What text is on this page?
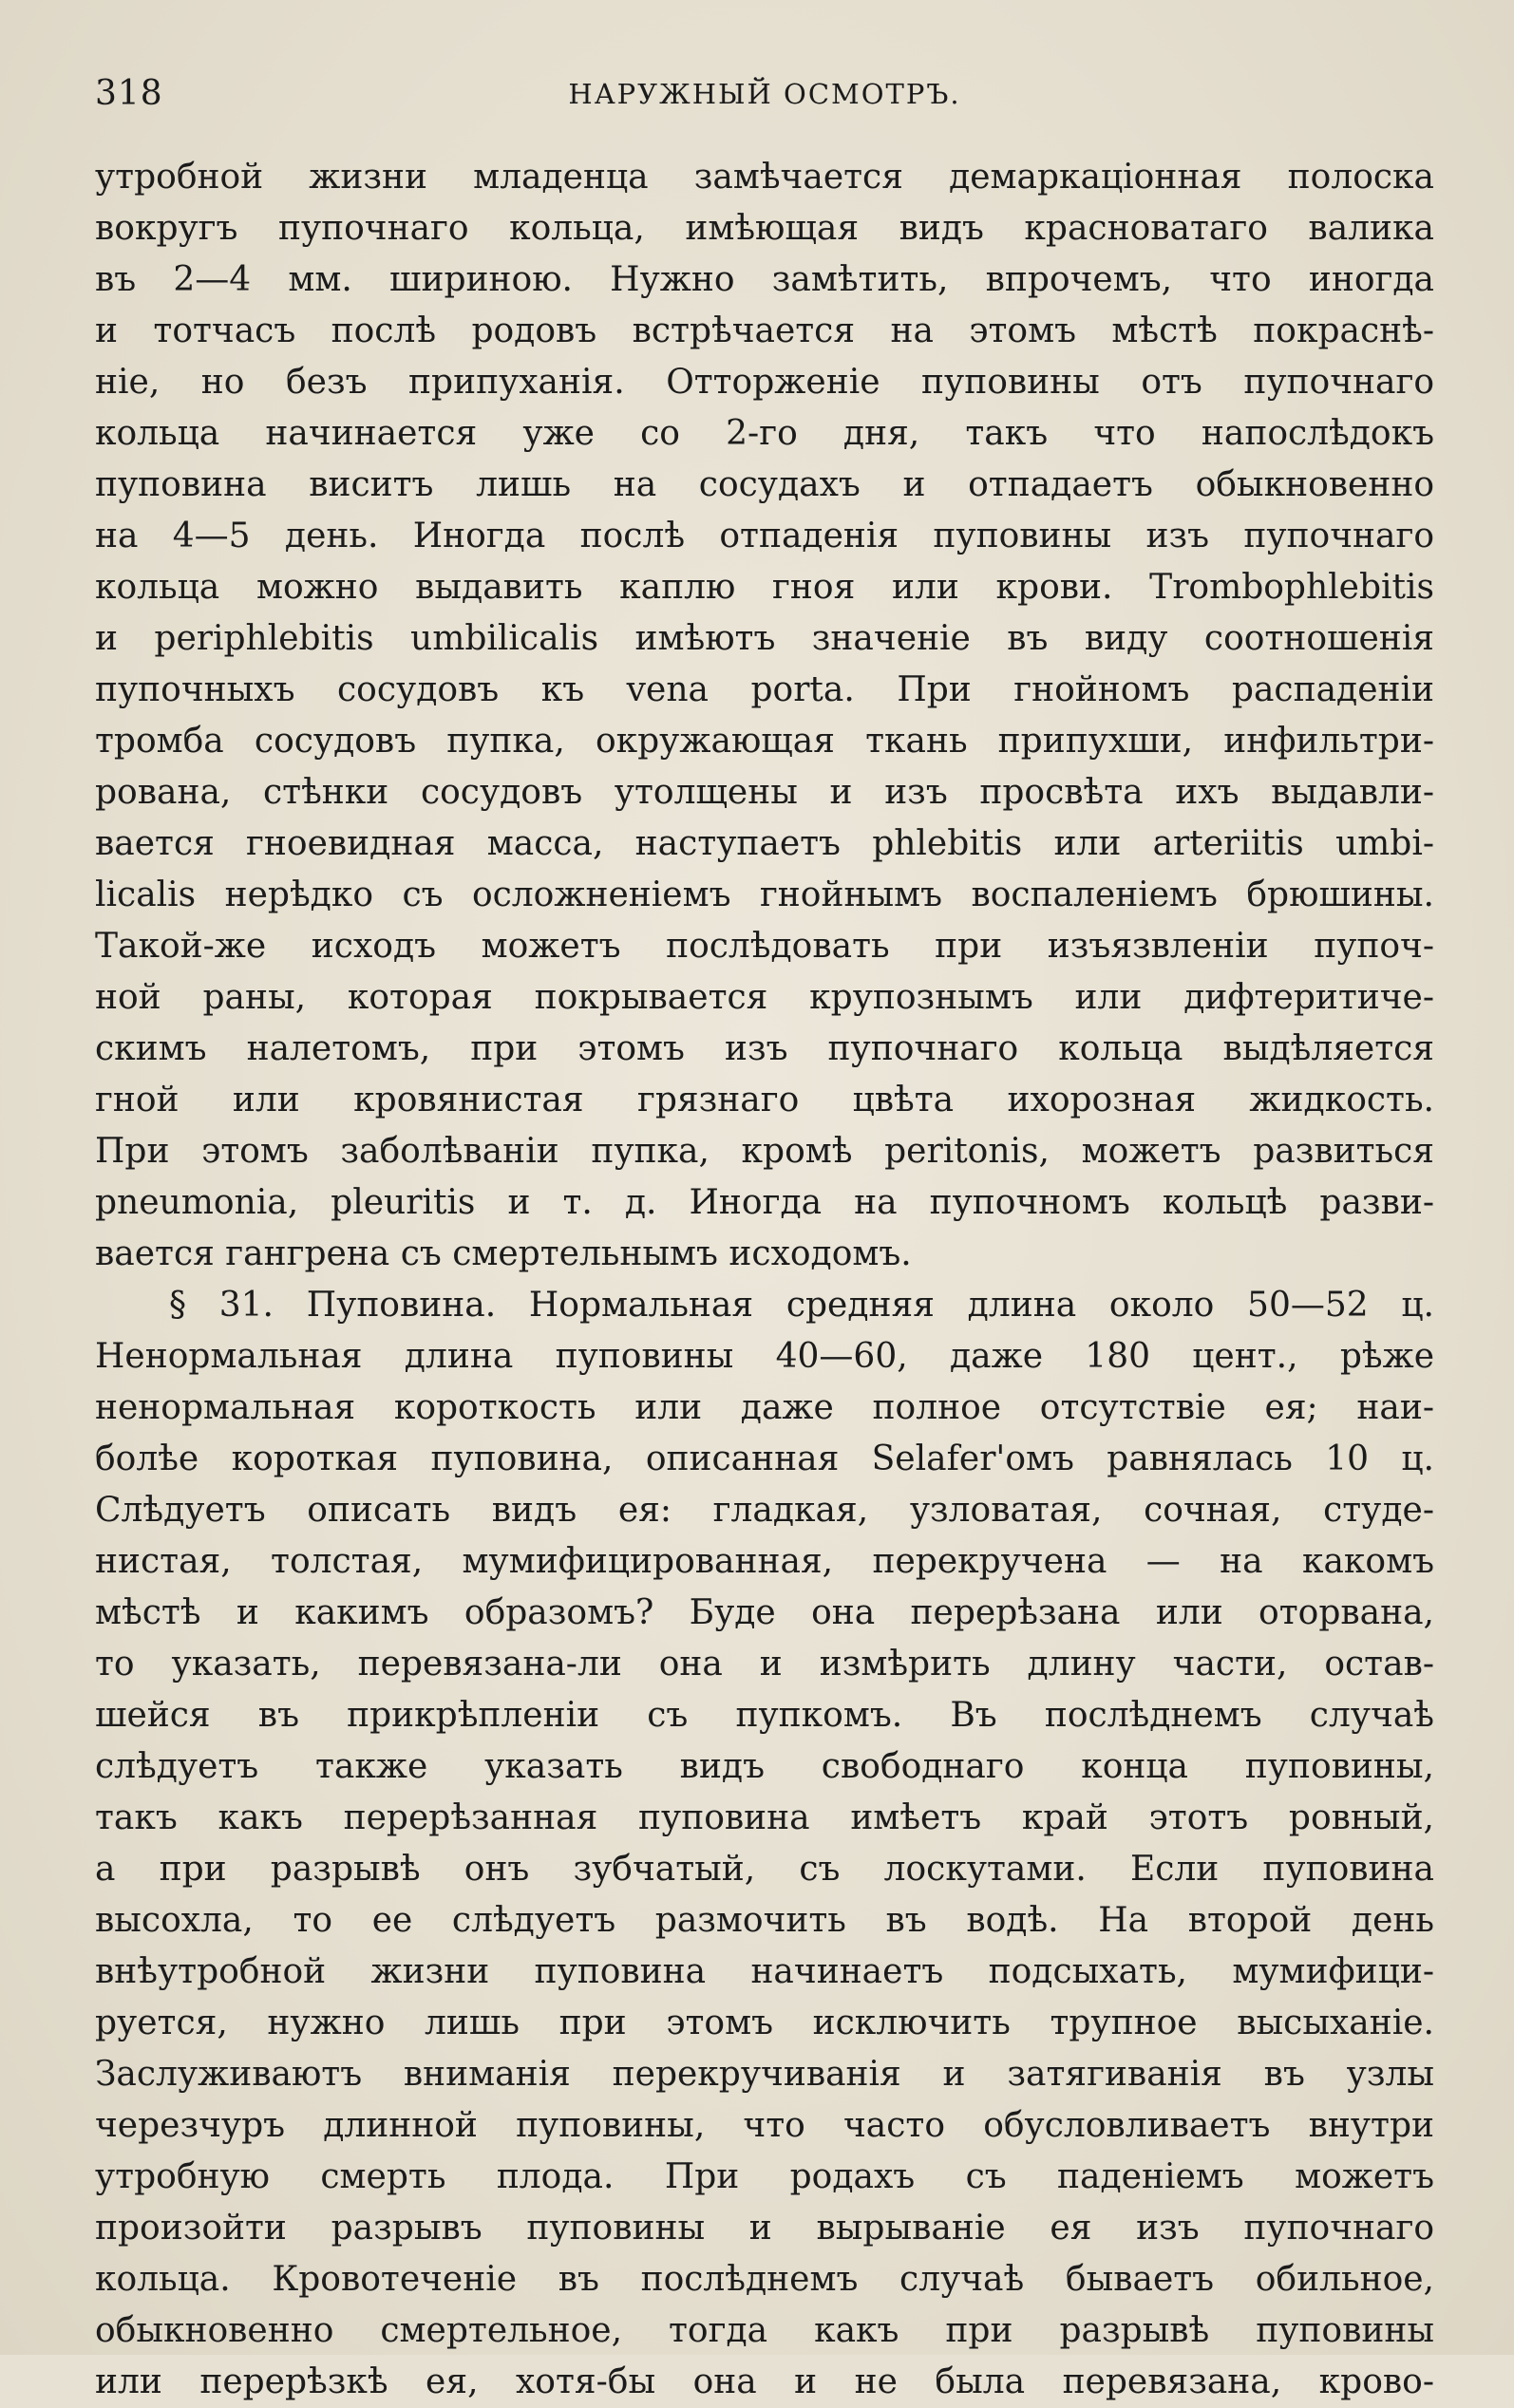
318	НАРУЖНЫЙ ОСМОТРЪ.
утробной жизни младенца замѣчается демаркаціонная полоска
вокругъ пупочнаго кольца, имѣющая видъ красноватаго валика
въ 2—4 мм. шириною. Нужно замѣтить, впрочемъ, что иногда
и тотчасъ послѣ родовъ встрѣчается на этомъ мѣстѣ покраснѣ-
ніе, но безъ припуханія. Отторженіе пуповины отъ пупочнаго
кольца начинается уже со 2-го дня, такъ что напослѣдокъ
пуповина виситъ лишь на сосудахъ и отпадаетъ обыкновенно
на 4—5 день. Иногда послѣ отпаденія пуповины изъ пупочнаго
кольца можно выдавить каплю гноя или крови. Trombophlebitis
и periphlebitis umbilicalis имѣютъ значеніе въ виду соотношенія
пупочныхъ сосудовъ къ vena porta. При гнойномъ распаденіи
тромба сосудовъ пупка, окружающая ткань припухши, инфильтри-
рована, стѣнки сосудовъ утолщены и изъ просвѣта ихъ выдавли-
вается гноевидная масса, наступаетъ phlebitis или arteriitis umbi-
licalis нерѣдко съ осложненіемъ гнойнымъ воспаленіемъ брюшины.
Такой-же исходъ можетъ послѣдовать при изъязвленіи пупоч-
ной раны, которая покрывается крупознымъ или дифтеритиче-
скимъ налетомъ, при этомъ изъ пупочнаго кольца выдѣляется
гной или кровянистая грязнаго цвѣта ихорозная жидкость.
При этомъ заболѣваніи пупка, кромѣ peritonis, можетъ развиться
pneumonia, pleuritis и т. д. Иногда на пупочномъ кольцѣ разви-
вается гангрена съ смертельнымъ исходомъ.
§ 31. Пуповина. Нормальная средняя длина около 50—52 ц.
Ненормальная длина пуповины 40—60, даже 180 цент., рѣже
ненормальная короткость или даже полное отсутствіе ея; наи-
болѣе короткая пуповина, описанная Selafer'омъ равнялась 10 ц.
Слѣдуетъ описать видъ ея: гладкая, узловатая, сочная, студе-
нистая, толстая, мумифицированная, перекручена — на какомъ
мѣстѣ и какимъ образомъ? Буде она перерѣзана или оторвана,
то указать, перевязана-ли она и измѣрить длину части, остав-
шейся въ прикрѣпленіи съ пупкомъ. Въ послѣднемъ случаѣ
слѣдуетъ также указать видъ свободнаго конца пуповины,
такъ какъ перерѣзанная пуповина имѣетъ край этотъ ровный,
а при разрывѣ онъ зубчатый, съ лоскутами. Если пуповина
высохла, то ее слѣдуетъ размочить въ водѣ. На второй день
внѣутробной жизни пуповина начинаетъ подсыхать, мумифици-
руется, нужно лишь при этомъ исключить трупное высыханіе.
Заслуживаютъ вниманія перекручиванія и затягиванія въ узлы
черезчуръ длинной пуповины, что часто обусловливаетъ внутри
утробную смерть плода. При родахъ съ паденіемъ можетъ
произойти разрывъ пуповины и вырываніе ея изъ пупочнаго
кольца. Кровотеченіе въ послѣднемъ случаѣ бываетъ обильное,
обыкновенно смертельное, тогда какъ при разрывѣ пуповины
или перерѣзкѣ ея, хотя-бы она и не была перевязана, крово-
